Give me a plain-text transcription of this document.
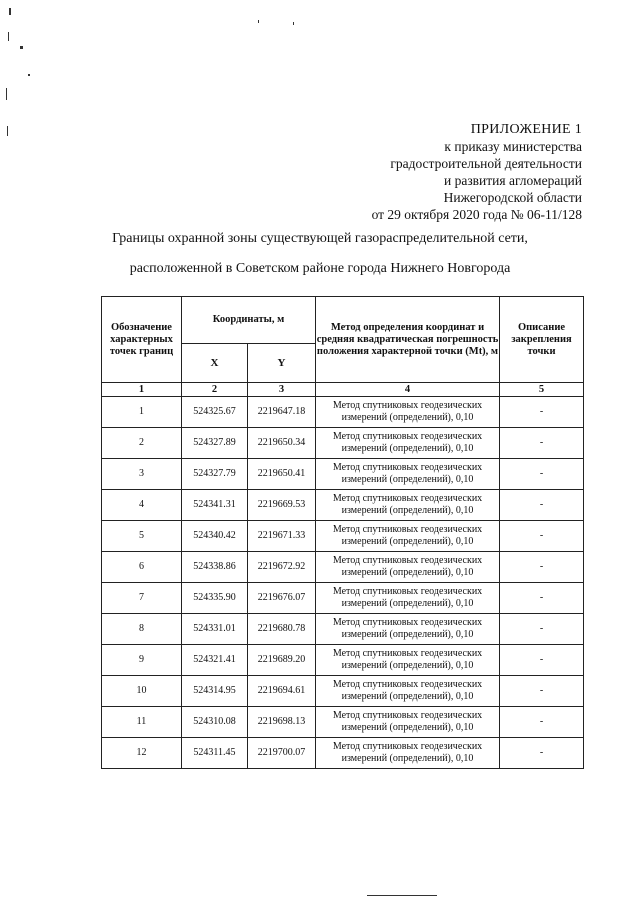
ПРИЛОЖЕНИЕ 1
к приказу министерства
градостроительной деятельности
и развития агломераций
Нижегородской области
от 29 октября 2020 года № 06-11/128
Границы охранной зоны существующей газораспределительной сети,
расположенной в Советском районе города Нижнего Новгорода
Обозначение характерных точек границ	Координаты, м		Метод определения координат и средняя квадратическая погрешность положения характерной точки (Mt), м	Описание закрепления точки
	X	Y		
1	2	3	4	5
1	524325.67	2219647.18	Метод спутниковых геодезических измерений (определений), 0,10	-
2	524327.89	2219650.34	Метод спутниковых геодезических измерений (определений), 0,10	-
3	524327.79	2219650.41	Метод спутниковых геодезических измерений (определений), 0,10	-
4	524341.31	2219669.53	Метод спутниковых геодезических измерений (определений), 0,10	-
5	524340.42	2219671.33	Метод спутниковых геодезических измерений (определений), 0,10	-
6	524338.86	2219672.92	Метод спутниковых геодезических измерений (определений), 0,10	-
7	524335.90	2219676.07	Метод спутниковых геодезических измерений (определений), 0,10	-
8	524331.01	2219680.78	Метод спутниковых геодезических измерений (определений), 0,10	-
9	524321.41	2219689.20	Метод спутниковых геодезических измерений (определений), 0,10	-
10	524314.95	2219694.61	Метод спутниковых геодезических измерений (определений), 0,10	-
11	524310.08	2219698.13	Метод спутниковых геодезических измерений (определений), 0,10	-
12	524311.45	2219700.07	Метод спутниковых геодезических измерений (определений), 0,10	-
